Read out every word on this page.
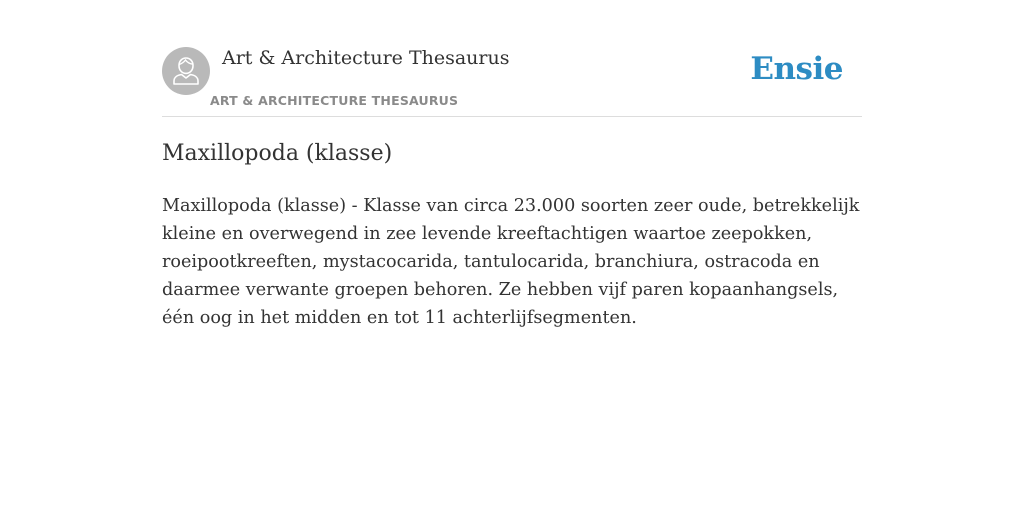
Art & Architecture Thesaurus
ART & ARCHITECTURE THESAURUS
Ensie
Maxillopoda (klasse)

Maxillopoda (klasse) - Klasse van circa 23.000 soorten zeer oude, betrekkelijk kleine en overwegend in zee levende kreeftachtigen waartoe zeepokken, roeipootkreeften, mystacocarida, tantulocarida, branchiura, ostracoda en daarmee verwante groepen behoren. Ze hebben vijf paren kopaanhangsels, één oog in het midden en tot 11 achterlijfsegmenten.
